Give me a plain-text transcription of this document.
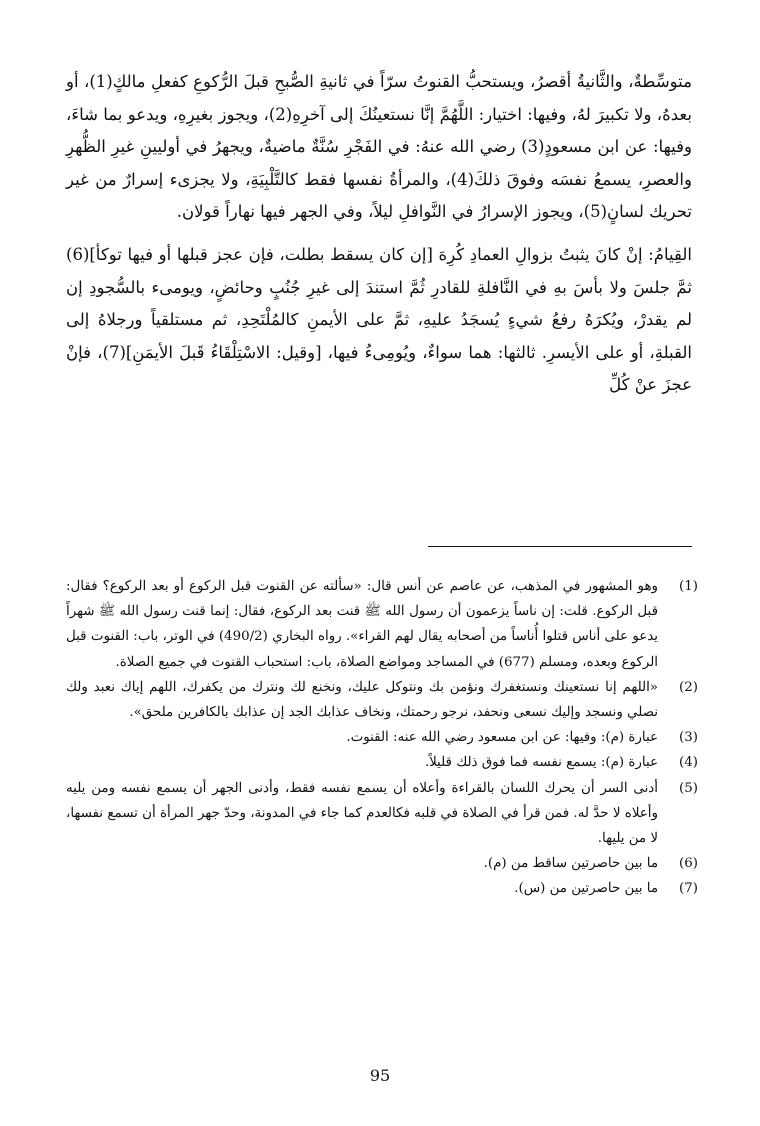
متوسِّطةٌ، والثَّانيةُ أقصرُ، ويستحبُّ القنوتُ سرّاً في ثانيةِ الصُّبحِ قبلَ الرُّكوعِ كفعلِ مالكٍ(1)، أو بعدهُ، ولا تكبيرَ لهُ، وفيها: اختيار: اللَّهُمَّ إنَّا نستعينُكَ إلى آخرِهِ(2)، ويجوز بغيرِهِ، ويدعو بما شاءَ، وفيها: عن ابن مسعودٍ(3) رضي الله عنهُ: في الفَجْرِ سُنَّةٌ ماضيةٌ، ويجهرُ في أوليينِ غيرِ الظُّهرِ والعصرِ، يسمعُ نفسَه وفوقَ ذلكَ(4)، والمرأةُ نفسها فقط كالتَّلْبِيَةِ، ولا يجزىء إسرارٌ من غير تحريك لسانٍ(5)، ويجوز الإسرارُ في النَّوافلِ ليلاً، وفي الجهر فيها نهاراً قولان.

القِيامُ: إنْ كانَ يثبتُ بزوالِ العمادِ كُرِهَ [إن كان يسقط بطلت، فإن عجز قبلها أو فيها توكأ](6) ثمَّ جلسَ ولا بأسَ بهِ في النَّافلةِ للقادرِ ثُمَّ استندَ إلى غيرِ جُنُبٍ وحائضٍ، ويومىء بالسُّجودِ إن لم يقدرْ، ويُكرَهُ رفعُ شيءٍ يُسجَدُ عليهِ، ثمَّ على الأيمنِ كالمُلْتَحِدِ، ثم مستلقياً ورجلاهُ إلى القبلةِ، أو على الأيسرِ. ثالثها: هما سواءٌ، ويُومِىءُ فيها، [وقيل: الاسْتِلْقَاءُ قَبلَ الأيمَنِ](7)، فإنْ عجزَ عنْ كُلِّ

(1)
وهو المشهور في المذهب، عن عاصم عن أنس قال: «سألته عن القنوت قبل الركوع أو بعد الركوع؟ فقال: قبل الركوع. قلت: إن ناساً يزعمون أن رسول الله ﷺ قنت بعد الركوع، فقال: إنما قنت رسول الله ﷺ شهراً يدعو على أناس قتلوا أُناساً من أصحابه يقال لهم القراء». رواه البخاري (490/2) في الوتر، باب: القنوت قبل الركوع وبعده، ومسلم (677) في المساجد ومواضع الصلاة، باب: استحباب القنوت في جميع الصلاة.
(2)
«اللهم إنا نستعينك ونستغفرك ونؤمن بك ونتوكل عليك، ونخنع لك ونترك من يكفرك، اللهم إياك نعبد ولك نصلي ونسجد وإليك نسعى ونحفد، نرجو رحمتك، ونخاف عذابك الجد إن عذابك بالكافرين ملحق».
(3)
عبارة (م): وفيها: عن ابن مسعود رضي الله عنه: القنوت.
(4)
عبارة (م): يسمع نفسه فما فوق ذلك قليلاً.
(5)
أدنى السر أن يحرك اللسان بالقراءة وأعلاه أن يسمع نفسه فقط، وأدنى الجهر أن يسمع نفسه ومن يليه وأعلاه لا حدَّ له. فمن قرأ في الصلاة في قلبه فكالعدم كما جاء في المدونة، وحدّ جهر المرأة أن تسمع نفسها، لا من يليها.
(6)
ما بين حاصرتين ساقط من (م).
(7)
ما بين حاصرتين من (س).
95
